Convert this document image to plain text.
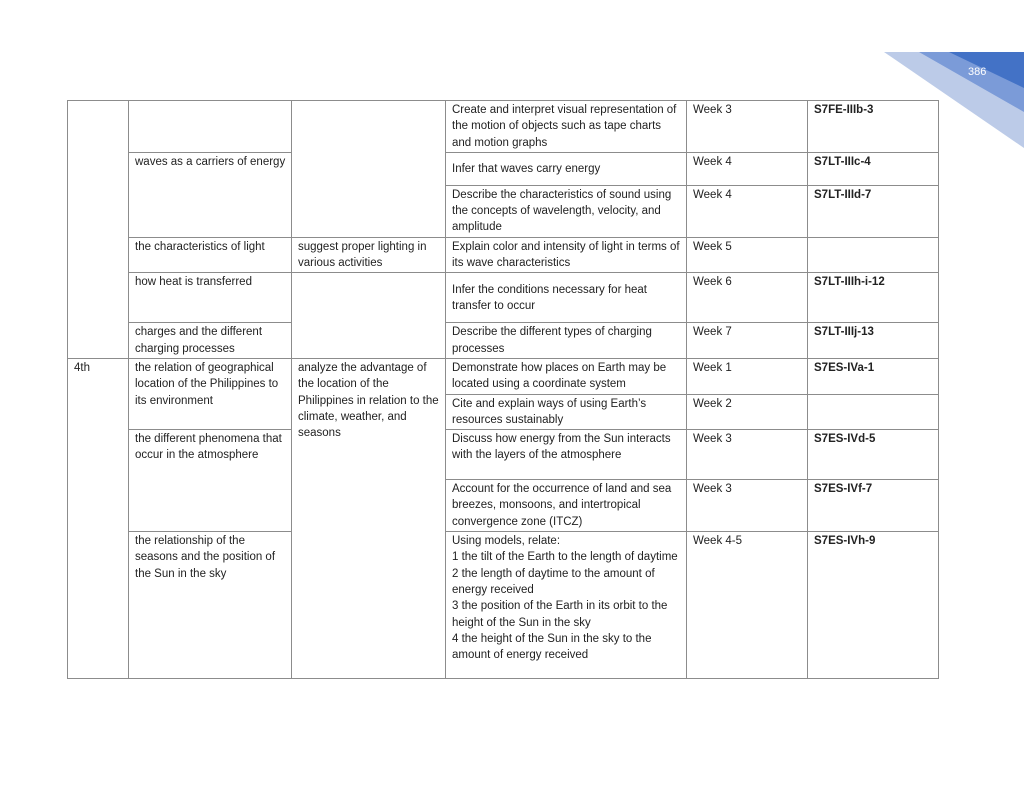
386
			Create and interpret visual representation of the motion of objects such as tape charts and motion graphs	Week 3	S7FE-IIIb-3
	waves as a carriers of energy		Infer that waves carry energy	Week 4	S7LT-IIIc-4
			Describe the characteristics of sound using the concepts of wavelength, velocity, and amplitude	Week 4	S7LT-IIId-7
	the characteristics of light	suggest proper lighting in various activities	Explain color and intensity of light in terms of its wave characteristics	Week 5	
	how heat is transferred		Infer the conditions necessary for heat transfer to occur	Week 6	S7LT-IIIh-i-12
	charges and the different charging processes		Describe the different types of charging processes	Week 7	S7LT-IIIj-13
4th	the relation of geographical location of the Philippines to its environment	analyze the advantage of the location of the Philippines in relation to the climate, weather, and seasons	Demonstrate how places on Earth may be located using a coordinate system	Week 1	S7ES-IVa-1
			Cite and explain ways of using Earth’s resources sustainably	Week 2	
	the different phenomena that occur in the atmosphere		Discuss how energy from the Sun interacts with the layers of the atmosphere	Week 3	S7ES-IVd-5
			Account for the occurrence of land and sea breezes, monsoons, and intertropical convergence zone (ITCZ)	Week 3	S7ES-IVf-7
	the relationship of the seasons and the position of the Sun in the sky		Using models, relate:
1 the tilt of the Earth to the length of daytime
2 the length of daytime to the amount of energy received
3 the position of the Earth in its orbit to the height of the Sun in the sky
4 the height of the Sun in the sky to the amount of energy received	Week 4-5	S7ES-IVh-9
